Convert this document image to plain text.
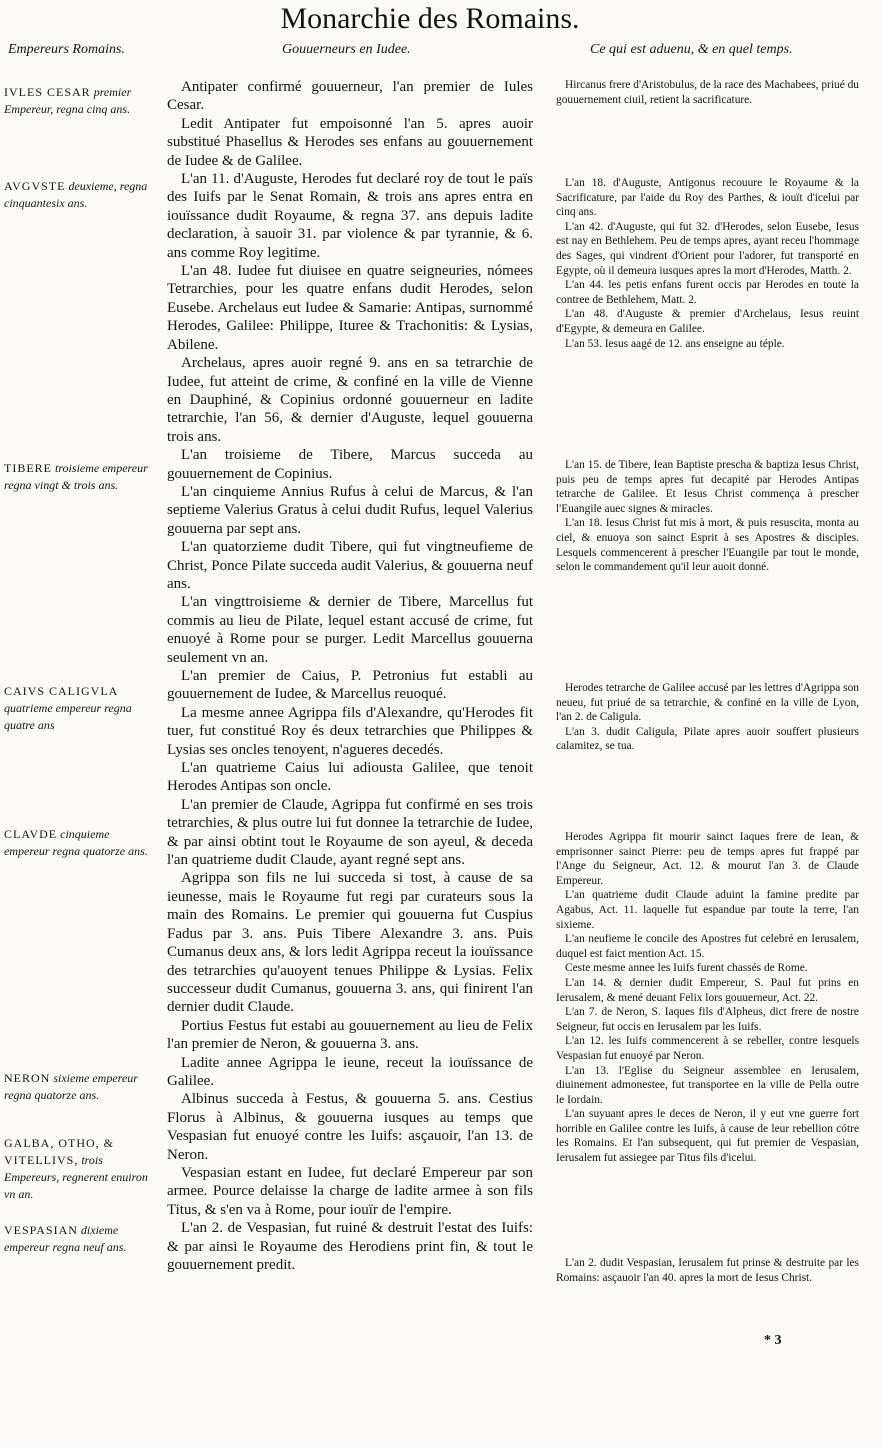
Monarchie des Romains.
Empereurs Romains.	Gouuerneurs en Iudee.	Ce qui est aduenu, & en quel temps.
IVLES CESAR premier Empereur, regna cinq ans.
AVGVSTE deuxieme, regna cinquantesix ans.
TIBERE troisieme empereur regna vingt & trois ans.
CAIVS CALIGVLA quatrieme empereur regna quatre ans
CLAVDE cinquieme empereur regna quatorze ans.
NERON sixieme empereur regna quatorze ans.
GALBA, OTHO, & VITELLIVS, trois Empereurs, regnerent enuiron vn an.
VESPASIAN dixieme empereur regna neuf ans.

Antipater confirmé gouuerneur, l'an premier de Iules Cesar.

Ledit Antipater fut empoisonné l'an 5. apres auoir substitué Phasellus & Herodes ses enfans au gouuernement de Iudee & de Galilee.

L'an 11. d'Auguste, Herodes fut declaré roy de tout le païs des Iuifs par le Senat Romain, & trois ans apres entra en iouïssance dudit Royaume, & regna 37. ans depuis ladite declaration, à sauoir 31. par violence & par tyrannie, & 6. ans comme Roy legitime.

L'an 48. Iudee fut diuisee en quatre seigneuries, nómees Tetrarchies, pour les quatre enfans dudit Herodes, selon Eusebe. Archelaus eut Iudee & Samarie: Antipas, surnommé Herodes, Galilee: Philippe, Ituree & Trachonitis: & Lysias, Abilene.

Archelaus, apres auoir regné 9. ans en sa tetrarchie de Iudee, fut atteint de crime, & confiné en la ville de Vienne en Dauphiné, & Copinius ordonné gouuerneur en ladite tetrarchie, l'an 56, & dernier d'Auguste, lequel gouuerna trois ans.

L'an troisieme de Tibere, Marcus succeda au gouuernement de Copinius.

L'an cinquieme Annius Rufus à celui de Marcus, & l'an septieme Valerius Gratus à celui dudit Rufus, lequel Valerius gouuerna par sept ans.

L'an quatorzieme dudit Tibere, qui fut vingtneufieme de Christ, Ponce Pilate succeda audit Valerius, & gouuerna neuf ans.

L'an vingttroisieme & dernier de Tibere, Marcellus fut commis au lieu de Pilate, lequel estant accusé de crime, fut enuoyé à Rome pour se purger. Ledit Marcellus gouuerna seulement vn an.

L'an premier de Caius, P. Petronius fut establi au gouuernement de Iudee, & Marcellus reuoqué.

La mesme annee Agrippa fils d'Alexandre, qu'Herodes fit tuer, fut constitué Roy és deux tetrarchies que Philippes & Lysias ses oncles tenoyent, n'agueres decedés.

L'an quatrieme Caius lui adiousta Galilee, que tenoit Herodes Antipas son oncle.

L'an premier de Claude, Agrippa fut confirmé en ses trois tetrarchies, & plus outre lui fut donnee la tetrarchie de Iudee, & par ainsi obtint tout le Royaume de son ayeul, & deceda l'an quatrieme dudit Claude, ayant regné sept ans.

Agrippa son fils ne lui succeda si tost, à cause de sa ieunesse, mais le Royaume fut regi par curateurs sous la main des Romains. Le premier qui gouuerna fut Cuspius Fadus par 3. ans. Puis Tibere Alexandre 3. ans. Puis Cumanus deux ans, & lors ledit Agrippa receut la iouïssance des tetrarchies qu'auoyent tenues Philippe & Lysias. Felix successeur dudit Cumanus, gouuerna 3. ans, qui finirent l'an dernier dudit Claude.

Portius Festus fut estabi au gouuernement au lieu de Felix l'an premier de Neron, & gouuerna 3. ans.

Ladite annee Agrippa le ieune, receut la iouïssance de Galilee.

Albinus succeda à Festus, & gouuerna 5. ans. Cestius Florus à Albinus, & gouuerna iusques au temps que Vespasian fut enuoyé contre les Iuifs: asçauoir, l'an 13. de Neron.

Vespasian estant en Iudee, fut declaré Empereur par son armee. Pource delaisse la charge de ladite armee à son fils Titus, & s'en va à Rome, pour iouïr de l'empire.

L'an 2. de Vespasian, fut ruiné & destruit l'estat des Iuifs: & par ainsi le Royaume des Herodiens print fin, & tout le gouuernement predit.

Hircanus frere d'Aristobulus, de la race des Machabees, priué du gouuernement ciuil, retient la sacrificature.

L'an 18. d'Auguste, Antigonus recouure le Royaume & la Sacrificature, par l'aide du Roy des Parthes, & iouït d'icelui par cinq ans.

L'an 42. d'Auguste, qui fut 32. d'Herodes, selon Eusebe, Iesus est nay en Bethlehem. Peu de temps apres, ayant receu l'hommage des Sages, qui vindrent d'Orient pour l'adorer, fut transporté en Egypte, où il demeura iusques apres la mort d'Herodes, Matth. 2.

L'an 44. les petis enfans furent occis par Herodes en toute la contree de Bethlehem, Matt. 2.

L'an 48. d'Auguste & premier d'Archelaus, Iesus reuint d'Egypte, & demeura en Galilee.

L'an 53. Iesus aagé de 12. ans enseigne au téple.

L'an 15. de Tibere, Iean Baptiste prescha & baptiza Iesus Christ, puis peu de temps apres fut decapité par Herodes Antipas tetrarche de Galilee. Et Iesus Christ commença à prescher l'Euangile auec signes & miracles.

L'an 18. Iesus Christ fut mis à mort, & puis resuscita, monta au ciel, & enuoya son sainct Esprit à ses Apostres & disciples. Lesquels commencerent à prescher l'Euangile par tout le monde, selon le commandement qu'il leur auoit donné.

Herodes tetrarche de Galilee accusé par les lettres d'Agrippa son neueu, fut priué de sa tetrarchie, & confiné en la ville de Lyon, l'an 2. de Caligula.

L'an 3. dudit Caligula, Pilate apres auoir souffert plusieurs calamitez, se tua.

Herodes Agrippa fit mourir sainct Iaques frere de Iean, & emprisonner sainct Pierre: peu de temps apres fut frappé par l'Ange du Seigneur, Act. 12. & mourut l'an 3. de Claude Empereur.

L'an quatrieme dudit Claude aduint la famine predite par Agabus, Act. 11. laquelle fut espandue par toute la terre, l'an sixieme.

L'an neufieme le concile des Apostres fut celebré en Ierusalem, duquel est faict mention Act. 15.

Ceste mesme annee les Iuifs furent chassés de Rome.

L'an 14. & dernier dudit Empereur, S. Paul fut prins en Ierusalem, & mené deuant Felix lors gouuerneur, Act. 22.

L'an 7. de Neron, S. Iaques fils d'Alpheus, dict frere de nostre Seigneur, fut occis en Ierusalem par les Iuifs.

L'an 12. les Iuifs commencerent à se rebeller, contre lesquels Vespasian fut enuoyé par Neron.

L'an 13. l'Eglise du Seigneur assemblee en Ierusalem, diuinement admonestee, fut transportee en la ville de Pella outre le Iordain.

L'an suyuant apres le deces de Neron, il y eut vne guerre fort horrible en Galilee contre les Iuifs, à cause de leur rebellion cótre les Romains. Et l'an subsequent, qui fut premier de Vespasian, Ierusalem fut assiegee par Titus fils d'icelui.

L'an 2. dudit Vespasian, Ierusalem fut prinse & destruite par les Romains: asçauoir l'an 40. apres la mort de Iesus Christ.

* 3
